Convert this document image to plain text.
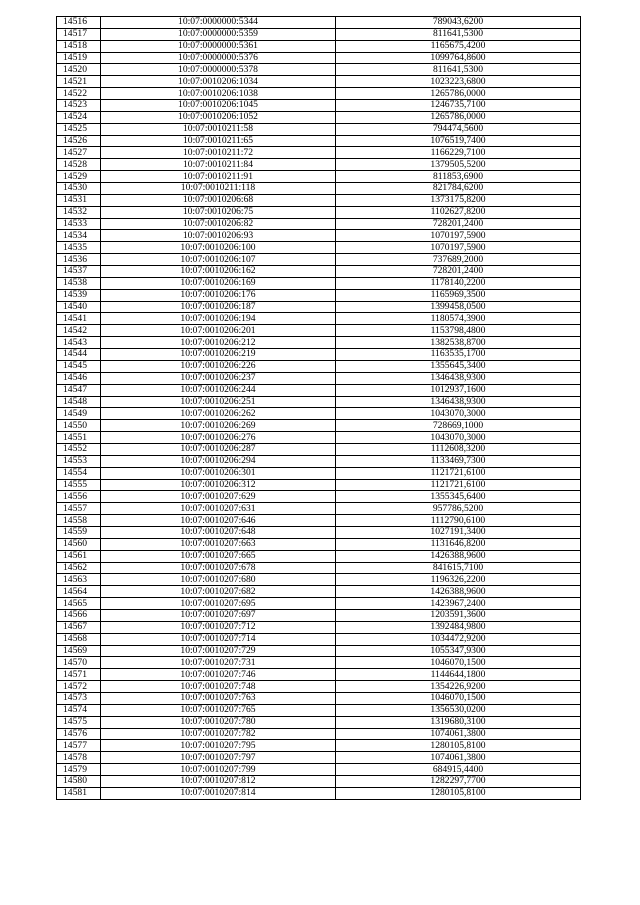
14516	10:07:0000000:5344	789043,6200
14517	10:07:0000000:5359	811641,5300
14518	10:07:0000000:5361	1165675,4200
14519	10:07:0000000:5376	1099764,8600
14520	10:07:0000000:5378	811641,5300
14521	10:07:0010206:1034	1023223,6800
14522	10:07:0010206:1038	1265786,0000
14523	10:07:0010206:1045	1246735,7100
14524	10:07:0010206:1052	1265786,0000
14525	10:07:0010211:58	794474,5600
14526	10:07:0010211:65	1076519,7400
14527	10:07:0010211:72	1166229,7100
14528	10:07:0010211:84	1379505,5200
14529	10:07:0010211:91	811853,6900
14530	10:07:0010211:118	821784,6200
14531	10:07:0010206:68	1373175,8200
14532	10:07:0010206:75	1102627,8200
14533	10:07:0010206:82	728201,2400
14534	10:07:0010206:93	1070197,5900
14535	10:07:0010206:100	1070197,5900
14536	10:07:0010206:107	737689,2000
14537	10:07:0010206:162	728201,2400
14538	10:07:0010206:169	1178140,2200
14539	10:07:0010206:176	1165969,3500
14540	10:07:0010206:187	1399458,0500
14541	10:07:0010206:194	1180574,3900
14542	10:07:0010206:201	1153798,4800
14543	10:07:0010206:212	1382538,8700
14544	10:07:0010206:219	1163535,1700
14545	10:07:0010206:226	1355645,3400
14546	10:07:0010206:237	1346438,9300
14547	10:07:0010206:244	1012937,1600
14548	10:07:0010206:251	1346438,9300
14549	10:07:0010206:262	1043070,3000
14550	10:07:0010206:269	728669,1000
14551	10:07:0010206:276	1043070,3000
14552	10:07:0010206:287	1112608,3200
14553	10:07:0010206:294	1133469,7300
14554	10:07:0010206:301	1121721,6100
14555	10:07:0010206:312	1121721,6100
14556	10:07:0010207:629	1355345,6400
14557	10:07:0010207:631	957786,5200
14558	10:07:0010207:646	1112790,6100
14559	10:07:0010207:648	1027191,3400
14560	10:07:0010207:663	1131646,8200
14561	10:07:0010207:665	1426388,9600
14562	10:07:0010207:678	841615,7100
14563	10:07:0010207:680	1196326,2200
14564	10:07:0010207:682	1426388,9600
14565	10:07:0010207:695	1423967,2400
14566	10:07:0010207:697	1203591,3600
14567	10:07:0010207:712	1392484,9800
14568	10:07:0010207:714	1034472,9200
14569	10:07:0010207:729	1055347,9300
14570	10:07:0010207:731	1046070,1500
14571	10:07:0010207:746	1144644,1800
14572	10:07:0010207:748	1354226,9200
14573	10:07:0010207:763	1046070,1500
14574	10:07:0010207:765	1356530,0200
14575	10:07:0010207:780	1319680,3100
14576	10:07:0010207:782	1074061,3800
14577	10:07:0010207:795	1280105,8100
14578	10:07:0010207:797	1074061,3800
14579	10:07:0010207:799	684915,4400
14580	10:07:0010207:812	1282297,7700
14581	10:07:0010207:814	1280105,8100
